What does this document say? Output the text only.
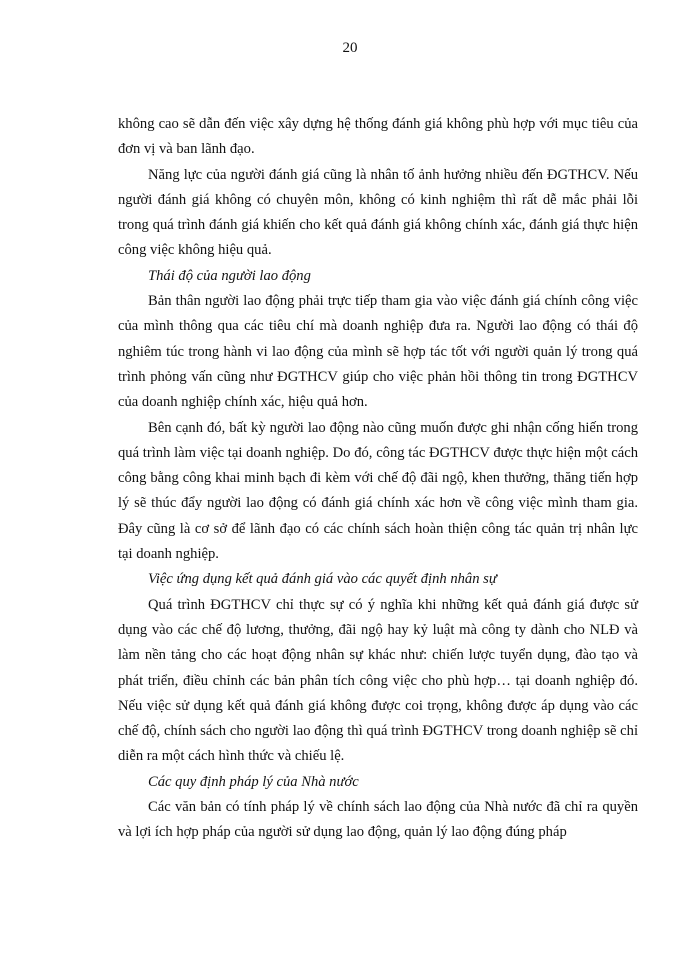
20

không cao sẽ dẫn đến việc xây dựng hệ thống đánh giá không phù hợp với mục tiêu của đơn vị và ban lãnh đạo.

Năng lực của người đánh giá cũng là nhân tố ảnh hưởng nhiều đến ĐGTHCV. Nếu người đánh giá không có chuyên môn, không có kinh nghiệm thì rất dễ mắc phải lỗi trong quá trình đánh giá khiến cho kết quả đánh giá không chính xác, đánh giá thực hiện công việc không hiệu quả.

Thái độ của người lao động

Bản thân người lao động phải trực tiếp tham gia vào việc đánh giá chính công việc của mình thông qua các tiêu chí mà doanh nghiệp đưa ra. Người lao động có thái độ nghiêm túc trong hành vi lao động của mình sẽ hợp tác tốt với người quản lý trong quá trình phỏng vấn cũng như ĐGTHCV giúp cho việc phản hồi thông tin trong ĐGTHCV của doanh nghiệp chính xác, hiệu quả hơn.

Bên cạnh đó, bất kỳ người lao động nào cũng muốn được ghi nhận cống hiến trong quá trình làm việc tại doanh nghiệp. Do đó, công tác ĐGTHCV được thực hiện một cách công bằng công khai minh bạch đi kèm với chế độ đãi ngộ, khen thưởng, thăng tiến hợp lý sẽ thúc đẩy người lao động có đánh giá chính xác hơn về công việc mình tham gia. Đây cũng là cơ sở để lãnh đạo có các chính sách hoàn thiện công tác quản trị nhân lực tại doanh nghiệp.

Việc ứng dụng kết quả đánh giá vào các quyết định nhân sự

Quá trình ĐGTHCV chỉ thực sự có ý nghĩa khi những kết quả đánh giá được sử dụng vào các chế độ lương, thưởng, đãi ngộ hay kỷ luật mà công ty dành cho NLĐ và làm nền tảng cho các hoạt động nhân sự khác như: chiến lược tuyển dụng, đào tạo và phát triển, điều chỉnh các bản phân tích công việc cho phù hợp… tại doanh nghiệp đó. Nếu việc sử dụng kết quả đánh giá không được coi trọng, không được áp dụng vào các chế độ, chính sách cho người lao động thì quá trình ĐGTHCV trong doanh nghiệp sẽ chỉ diễn ra một cách hình thức và chiếu lệ.

Các quy định pháp lý của Nhà nước

Các văn bản có tính pháp lý về chính sách lao động của Nhà nước đã chỉ ra quyền và lợi ích hợp pháp của người sử dụng lao động, quản lý lao động đúng pháp
